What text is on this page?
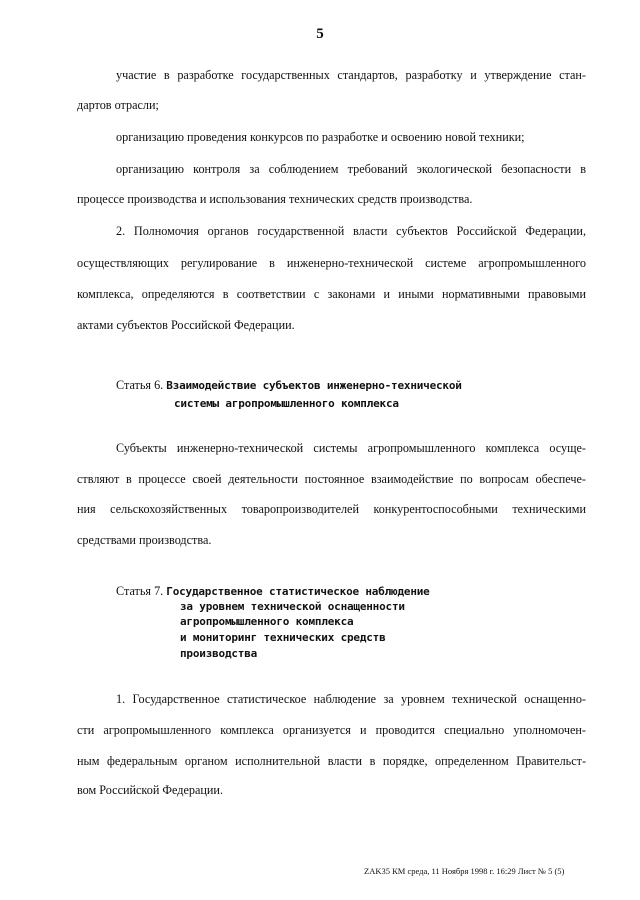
5
участие в разработке государственных стандартов, разработку и утверждение стан-
дартов отрасли;
организацию проведения конкурсов по разработке и освоению новой техники;
организацию контроля за соблюдением требований экологической безопасности в
процессе производства и использования технических средств производства.
2. Полномочия органов государственной власти субъектов Российской Федерации,
осуществляющих регулирование в инженерно-технической системе агропромышленного
комплекса, определяются в соответствии с законами и иными нормативными правовыми
актами субъектов Российской Федерации.
Статья 6. Взаимодействие субъектов инженерно-технической
системы агропромышленного комплекса
Субъекты инженерно-технической системы агропромышленного комплекса осуще-
ствляют в процессе своей деятельности постоянное взаимодействие по вопросам обеспече-
ния сельскохозяйственных товаропроизводителей конкурентоспособными техническими
средствами производства.
Статья 7. Государственное статистическое наблюдение
за уровнем технической оснащенности
агропромышленного комплекса
и мониторинг технических средств
производства
1. Государственное статистическое наблюдение за уровнем технической оснащенно-
сти агропромышленного комплекса организуется и проводится специально уполномочен-
ным федеральным органом исполнительной власти в порядке, определенном Правительст-
вом Российской Федерации.
ZAK35 КМ среда, 11 Ноября 1998 г. 16:29 Лист № 5 (5)
